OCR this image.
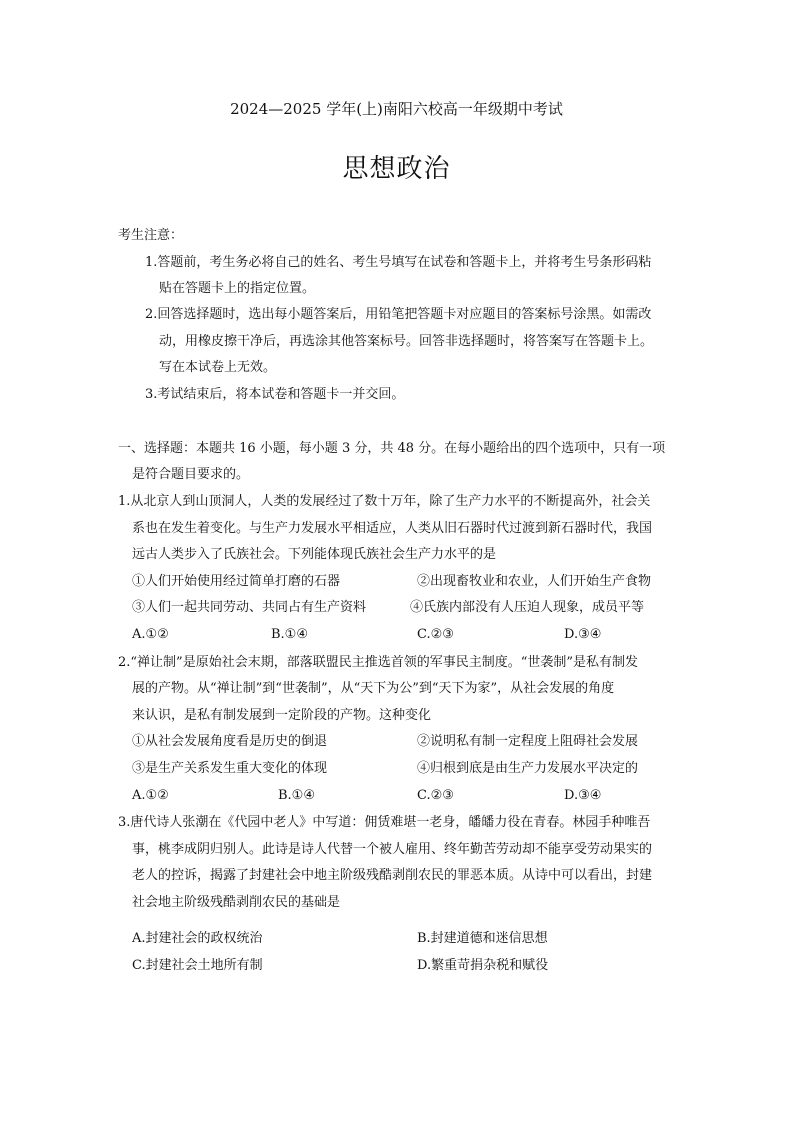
2024—2025 学年(上)南阳六校高一年级期中考试
思想政治
考生注意：
1.答题前，考生务必将自己的姓名、考生号填写在试卷和答题卡上，并将考生号条形码粘
贴在答题卡上的指定位置。
2.回答选择题时，选出每小题答案后，用铅笔把答题卡对应题目的答案标号涂黑。如需改
动，用橡皮擦干净后，再选涂其他答案标号。回答非选择题时，将答案写在答题卡上。
写在本试卷上无效。
3.考试结束后，将本试卷和答题卡一并交回。
一、选择题：本题共 16 小题，每小题 3 分，共 48 分。在每小题给出的四个选项中，只有一项
是符合题目要求的。
1.从北京人到山顶洞人，人类的发展经过了数十万年，除了生产力水平的不断提高外，社会关
系也在发生着变化。与生产力发展水平相适应，人类从旧石器时代过渡到新石器时代，我国
远古人类步入了氏族社会。下列能体现氏族社会生产力水平的是
①人们开始使用经过简单打磨的石器	②出现畜牧业和农业，人们开始生产食物
③人们一起共同劳动、共同占有生产资料	④氏族内部没有人压迫人现象，成员平等
A.①②	B.①④	C.②③	D.③④
2.“禅让制”是原始社会末期，部落联盟民主推选首领的军事民主制度。“世袭制”是私有制发
展的产物。从“禅让制”到“世袭制”，从“天下为公”到“天下为家”，从社会发展的角度
来认识，是私有制发展到一定阶段的产物。这种变化
①从社会发展角度看是历史的倒退	②说明私有制一定程度上阻碍社会发展
③是生产关系发生重大变化的体现	④归根到底是由生产力发展水平决定的
A.①②	B.①④	C.②③	D.③④
3.唐代诗人张潮在《代园中老人》中写道：佣赁难堪一老身，皤皤力役在青春。林园手种唯吾
事，桃李成阴归别人。此诗是诗人代替一个被人雇用、终年勤苦劳动却不能享受劳动果实的
老人的控诉，揭露了封建社会中地主阶级残酷剥削农民的罪恶本质。从诗中可以看出，封建
社会地主阶级残酷剥削农民的基础是
A.封建社会的政权统治	B.封建道德和迷信思想
C.封建社会土地所有制	D.繁重苛捐杂税和赋役
